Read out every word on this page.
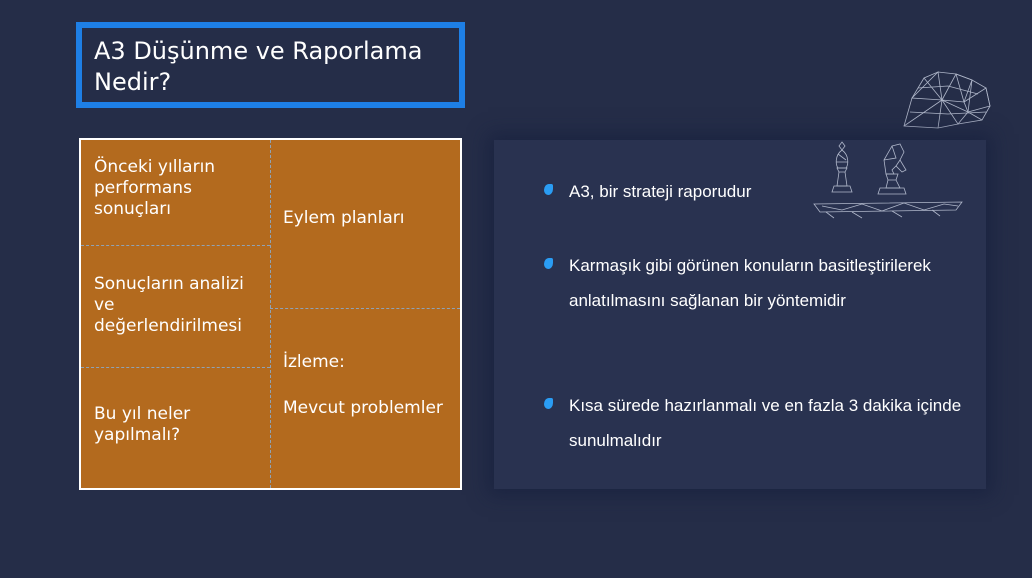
A3 Düşünme ve Raporlama Nedir?
Önceki yılların performans sonuçları
Sonuçların analizi ve değerlendirilmesi
Bu yıl neler yapılmalı?
Eylem planları
İzleme:
Mevcut problemler
A3, bir strateji raporudur
Karmaşık gibi görünen konuların basitleştirilerek anlatılmasını sağlanan bir yöntemidir
Kısa sürede hazırlanmalı ve en fazla 3 dakika içinde sunulmalıdır
